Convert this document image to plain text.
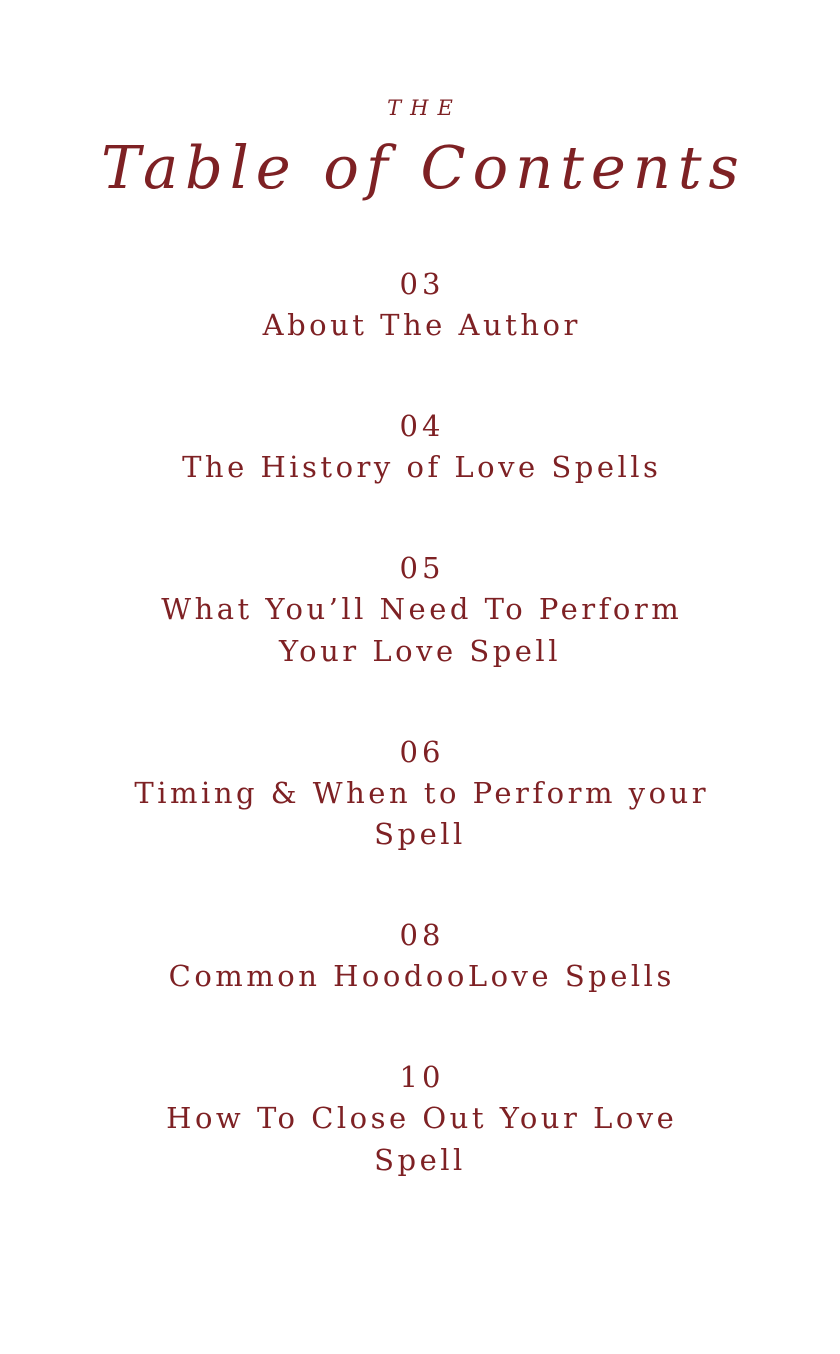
THE
Table of Contents
03
About The Author
04
The History of Love Spells
05
What You’ll Need To Perform Your Love Spell
06
Timing & When to Perform your Spell
08
Common HoodooLove Spells
10
How To Close Out Your Love Spell
